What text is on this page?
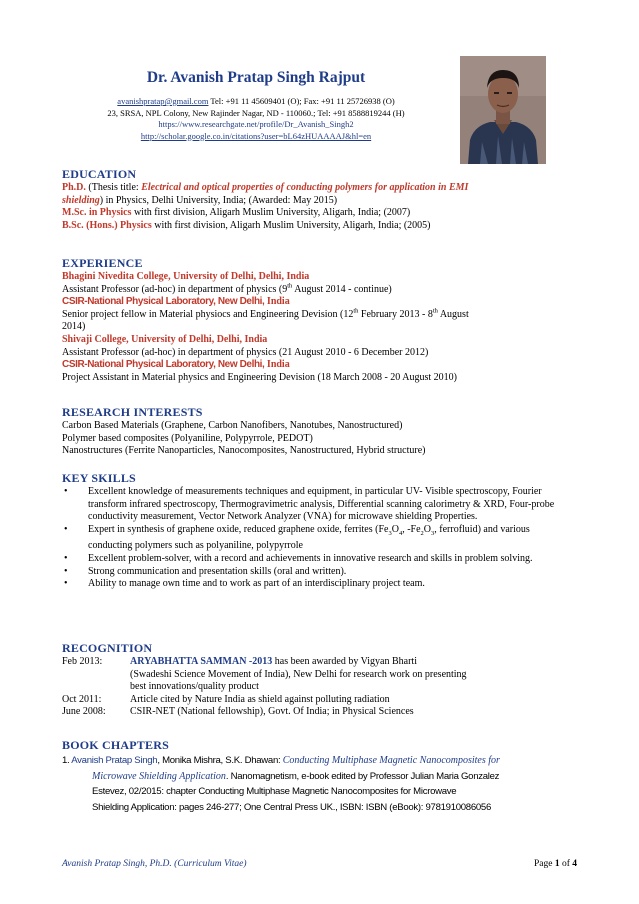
Dr. Avanish Pratap Singh Rajput
avanishpratap@gmail.com Tel: +91 11 45609401 (O); Fax: +91 11 25726938 (O)
23, SRSA, NPL Colony, New Rajinder Nagar, ND - 110060.; Tel: +91 8588819244 (H)
https://www.researchgate.net/profile/Dr_Avanish_Singh2
http://scholar.google.co.in/citations?user=bL64zHUAAAAJ&hl=en
EDUCATION
Ph.D. (Thesis title: Electrical and optical properties of conducting polymers for application in EMI
shielding) in Physics, Delhi University, India; (Awarded: May 2015)
M.Sc. in Physics with first division, Aligarh Muslim University, Aligarh, India; (2007)
B.Sc. (Hons.) Physics with first division, Aligarh Muslim University, Aligarh, India; (2005)
EXPERIENCE
Bhagini Nivedita College, University of Delhi, Delhi, India
Assistant Professor (ad-hoc) in department of physics (9th August 2014 - continue)
CSIR-National Physical Laboratory, New Delhi, India
Senior project fellow in Material physiocs and Engineering Devision (12th February 2013 - 8th August
2014)
Shivaji College, University of Delhi, Delhi, India
Assistant Professor (ad-hoc) in department of physics (21 August 2010 - 6 December 2012)
CSIR-National Physical Laboratory, New Delhi, India
Project Assistant in Material physics and Engineering Devision (18 March 2008 - 20 August 2010)
RESEARCH INTERESTS
Carbon Based Materials (Graphene, Carbon Nanofibers, Nanotubes, Nanostructured)
Polymer based composites (Polyaniline, Polypyrrole, PEDOT)
Nanostructures (Ferrite Nanoparticles, Nanocomposites, Nanostructured, Hybrid structure)
KEY SKILLS
• Excellent knowledge of measurements techniques and equipment, in particular UV- Visible spectroscopy, Fourier transform infrared spectroscopy, Thermogravimetric analysis, Differential scanning calorimetry & XRD, Four-probe conductivity measurement, Vector Network Analyzer (VNA) for microwave shielding Properties.
• Expert in synthesis of graphene oxide, reduced graphene oxide, ferrites ($Fe_3O_4$, $-Fe_2O_3$, ferrofluid) and various conducting polymers such as polyaniline, polypyrrole
• Excellent problem-solver, with a record and achievements in innovative research and skills in problem solving.
• Strong communication and presentation skills (oral and written).
• Ability to manage own time and to work as part of an interdisciplinary project team.
RECOGNITION
Feb 2013:	ARYABHATTA SAMMAN -2013 has been awarded by Vigyan Bharti
(Swadeshi Science Movement of India), New Delhi for research work on presenting
best innovations/quality product
Oct 2011:	Article cited by Nature India as shield against polluting radiation
June 2008:	CSIR-NET (National fellowship), Govt. Of India; in Physical Sciences
BOOK CHAPTERS
1. Avanish Pratap Singh, Monika Mishra, S.K. Dhawan: Conducting Multiphase Magnetic Nanocomposites for
Microwave Shielding Application. Nanomagnetism, e-book edited by Professor Julian Maria Gonzalez
Estevez, 02/2015: chapter Conducting Multiphase Magnetic Nanocomposites for Microwave
Shielding Application: pages 246-277; One Central Press UK., ISBN: ISBN (eBook): 9781910086056
Avanish Pratap Singh, Ph.D. (Curriculum Vitae)	Page 1 of 4
